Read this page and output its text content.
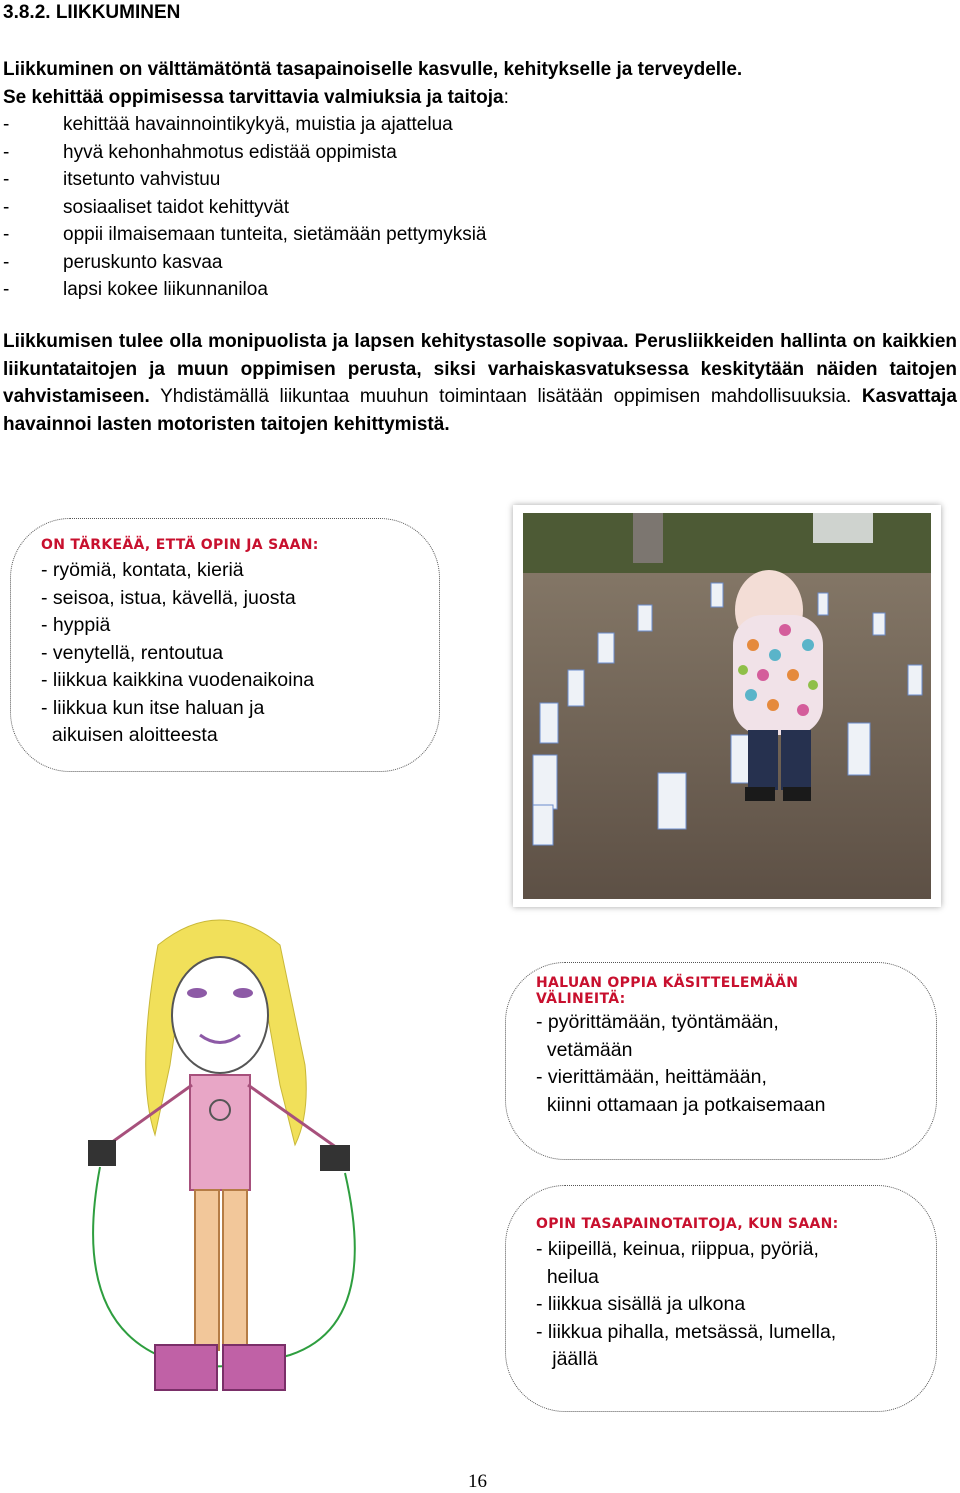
3.8.2. LIIKKUMINEN
Liikkuminen on välttämätöntä tasapainoiselle kasvulle, kehitykselle ja terveydelle.
Se kehittää oppimisessa tarvittavia valmiuksia ja taitoja:
-	kehittää havainnointikykyä, muistia ja ajattelua
-	hyvä kehonhahmotus edistää oppimista
-	itsetunto vahvistuu
-	sosiaaliset taidot kehittyvät
-	oppii ilmaisemaan tunteita, sietämään pettymyksiä
-	peruskunto kasvaa
-	lapsi kokee liikunnaniloa
Liikkumisen tulee olla monipuolista ja lapsen kehitystasolle sopivaa. Perusliikkeiden hallinta on kaikkien liikuntataitojen ja muun oppimisen perusta, siksi varhaiskasvatuksessa keskitytään näiden taitojen vahvistamiseen. Yhdistämällä liikuntaa muuhun toimintaan lisätään oppimisen mahdollisuuksia. Kasvattaja havainnoi lasten motoristen taitojen kehittymistä.
ON TÄRKEÄÄ, ETTÄ OPIN JA SAAN:
- ryömiä, kontata, kieriä
- seisoa, istua, kävellä, juosta
- hyppiä
- venytellä, rentoutua
- liikkua kaikkina vuodenaikoina
- liikkua kun itse haluan ja
aikuisen aloitteesta
HALUAN OPPIA KÄSITTELEMÄÄN
VÄLINEITÄ:
- pyörittämään, työntämään,
vetämään
- vierittämään, heittämään,
kiinni ottamaan ja potkaisemaan
OPIN TASAPAINOTAITOJA, KUN SAAN:
- kiipeillä, keinua, riippua, pyöriä,
heilua
- liikkua sisällä ja ulkona
- liikkua pihalla, metsässä, lumella,
jäällä
16
